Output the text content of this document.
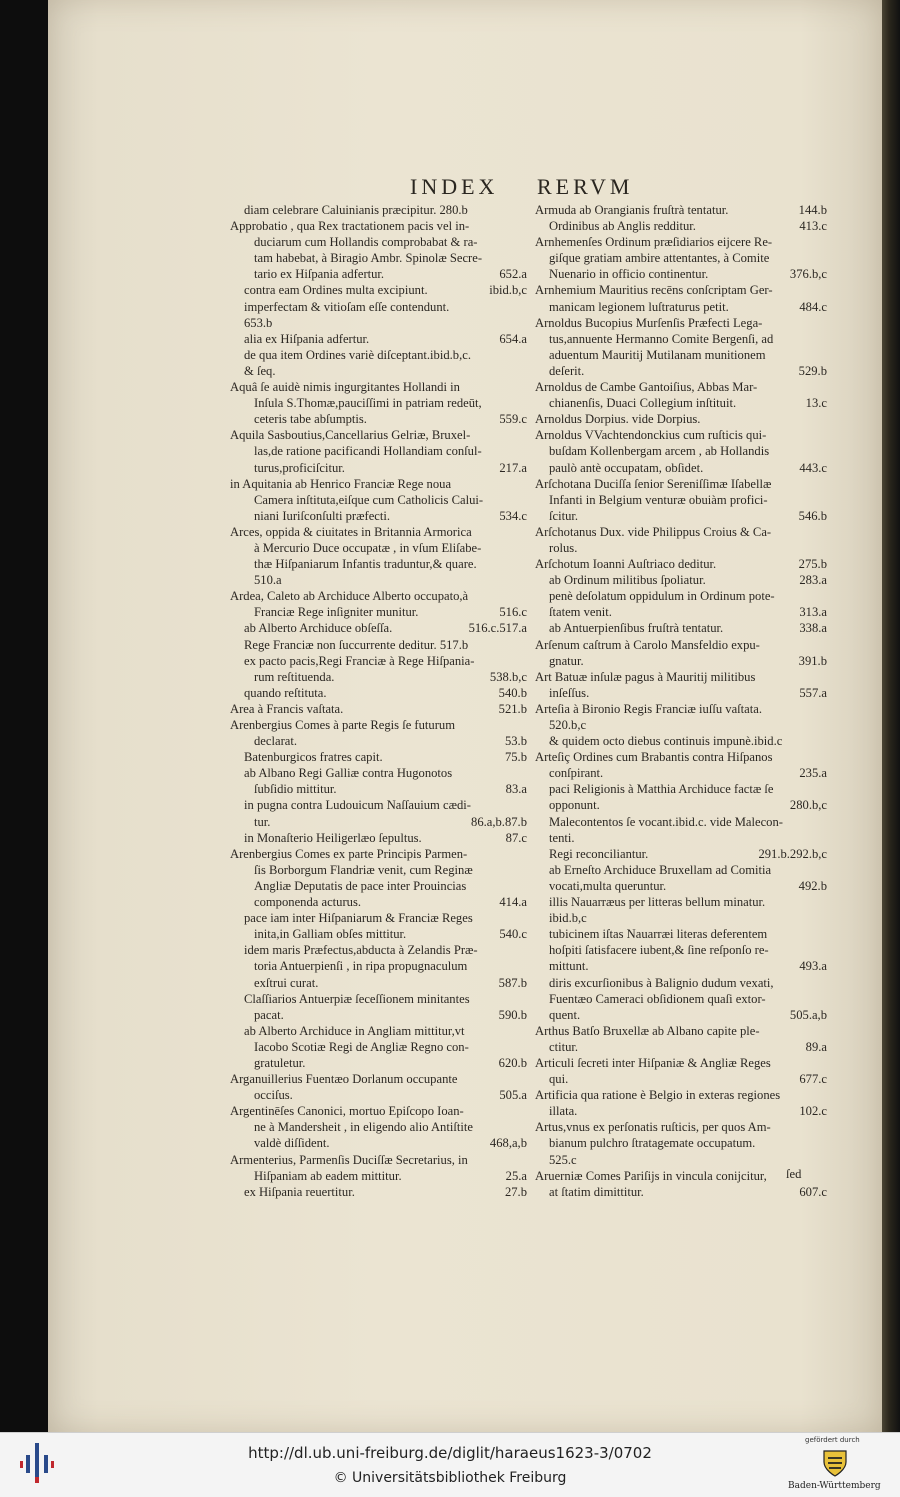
INDEX RERVM
diam celebrare Caluinianis præcipitur. 280.b
Approbatio , qua Rex tractationem pacis vel in-
duciarum cum Hollandis comprobabat & ra-
tam habebat, à Biragio Ambr. Spinolæ Secre-
652.a
tario ex Hiſpania adfertur.
ibid.b,c
contra eam Ordines multa excipiunt.
imperfectam & vitioſam eſſe contendunt.
653.b
654.a
alia ex Hiſpania adfertur.
de qua item Ordines variè diſceptant.ibid.b,c.
& ſeq.
Aquâ ſe auidè nimis ingurgitantes Hollandi in
Inſula S.Thomæ,pauciſſimi in patriam redeūt,
559.c
ceteris tabe abſumptis.
Aquila Sasboutius,Cancellarius Gelriæ, Bruxel-
las,de ratione pacificandi Hollandiam conſul-
217.a
turus,proficiſcitur.
in Aquitania ab Henrico Franciæ Rege noua
Camera inſtituta,eiſque cum Catholicis Calui-
534.c
niani Iuriſconſulti præfecti.
Arces, oppida & ciuitates in Britannia Armorica
à Mercurio Duce occupatæ , in vſum Eliſabe-
thæ Hiſpaniarum Infantis traduntur,& quare.
510.a
Ardea, Caleto ab Archiduce Alberto occupato,à
516.c
Franciæ Rege inſigniter munitur.
516.c.517.a
ab Alberto Archiduce obſeſſa.
Rege Franciæ non ſuccurrente deditur. 517.b
ex pacto pacis,Regi Franciæ à Rege Hiſpania-
538.b,c
rum reſtituenda.
540.b
quando reſtituta.
521.b
Area à Francis vaſtata.
Arenbergius Comes à parte Regis ſe futurum
53.b
declarat.
75.b
Batenburgicos fratres capit.
ab Albano Regi Galliæ contra Hugonotos
83.a
ſubſidio mittitur.
in pugna contra Ludouicum Naſſauium cædi-
86.a,b.87.b
tur.
87.c
in Monaſterio Heiligerlæo ſepultus.
Arenbergius Comes ex parte Principis Parmen-
ſis Borborgum Flandriæ venit, cum Reginæ
Angliæ Deputatis de pace inter Prouincias
414.a
componenda acturus.
pace iam inter Hiſpaniarum & Franciæ Reges
540.c
inita,in Galliam obſes mittitur.
idem maris Præfectus,abducta à Zelandis Præ-
toria Antuerpienſi , in ripa propugnaculum
587.b
exſtrui curat.
Claſſiarios Antuerpiæ ſeceſſionem minitantes
590.b
pacat.
ab Alberto Archiduce in Angliam mittitur,vt
Iacobo Scotiæ Regi de Angliæ Regno con-
620.b
gratuletur.
Arganuillerius Fuentæo Dorlanum occupante
505.a
occiſus.
Argentinēſes Canonici, mortuo Epiſcopo Ioan-
ne à Mandersheit , in eligendo alio Antiſtite
468,a,b
valdè diſſident.
Armenterius, Parmenſis Duciſſæ Secretarius, in
25.a
Hiſpaniam ab eadem mittitur.
27.b
ex Hiſpania reuertitur.
144.b
Armuda ab Orangianis fruſtrà tentatur.
413.c
Ordinibus ab Anglis redditur.
Arnhemenſes Ordinum præſidiarios eijcere Re-
giſque gratiam ambire attentantes, à Comite
376.b,c
Nuenario in officio continentur.
Arnhemium Mauritius recēns conſcriptam Ger-
484.c
manicam legionem luſtraturus petit.
Arnoldus Bucopius Murſenſis Præfecti Lega-
tus,annuente Hermanno Comite Bergenſi, ad
aduentum Mauritij Mutilanam munitionem
529.b
deſerit.
Arnoldus de Cambe Gantoiſius, Abbas Mar-
13.c
chianenſis, Duaci Collegium inſtituit.
Arnoldus Dorpius. vide Dorpius.
Arnoldus VVachtendonckius cum ruſticis qui-
buſdam Kollenbergam arcem , ab Hollandis
443.c
paulò antè occupatam, obſidet.
Arſchotana Duciſſa ſenior Sereniſſimæ Iſabellæ
Infanti in Belgium venturæ obuiàm profici-
546.b
ſcitur.
Arſchotanus Dux. vide Philippus Croius & Ca-
rolus.
275.b
Arſchotum Ioanni Auſtriaco deditur.
283.a
ab Ordinum militibus ſpoliatur.
penè deſolatum oppidulum in Ordinum pote-
313.a
ſtatem venit.
338.a
ab Antuerpienſibus fruſtrà tentatur.
Arſenum caſtrum à Carolo Mansfeldio expu-
391.b
gnatur.
Art Batuæ inſulæ pagus à Mauritij militibus
557.a
inſeſſus.
Arteſia à Bironio Regis Franciæ iuſſu vaſtata.
520.b,c
& quidem octo diebus continuis impunè.ibid.c
Arteſiç Ordines cum Brabantis contra Hiſpanos
235.a
conſpirant.
paci Religionis à Matthia Archiduce factæ ſe
280.b,c
opponunt.
Malecontentos ſe vocant.ibid.c. vide Malecon-
tenti.
291.b.292.b,c
Regi reconciliantur.
ab Erneſto Archiduce Bruxellam ad Comitia
492.b
vocati,multa queruntur.
illis Nauarræus per litteras bellum minatur.
ibid.b,c
tubicinem iſtas Nauarræi literas deferentem
hoſpiti ſatisfacere iubent,& ſine reſponſo re-
493.a
mittunt.
diris excurſionibus à Balignio dudum vexati,
Fuentæo Cameraci obſidionem quaſi extor-
505.a,b
quent.
Arthus Batſo Bruxellæ ab Albano capite ple-
89.a
ctitur.
Articuli ſecreti inter Hiſpaniæ & Angliæ Reges
677.c
qui.
Artificia qua ratione è Belgio in exteras regiones
102.c
illata.
Artus,vnus ex perſonatis ruſticis, per quos Am-
bianum pulchro ſtratagemate occupatum.
525.c
Aruerniæ Comes Pariſijs in vincula conijcitur,
607.c
at ſtatim dimittitur.
ſed
http://dl.ub.uni-freiburg.de/diglit/haraeus1623-3/0702
© Universitätsbibliothek Freiburg
gefördert durch
Baden-Württemberg
